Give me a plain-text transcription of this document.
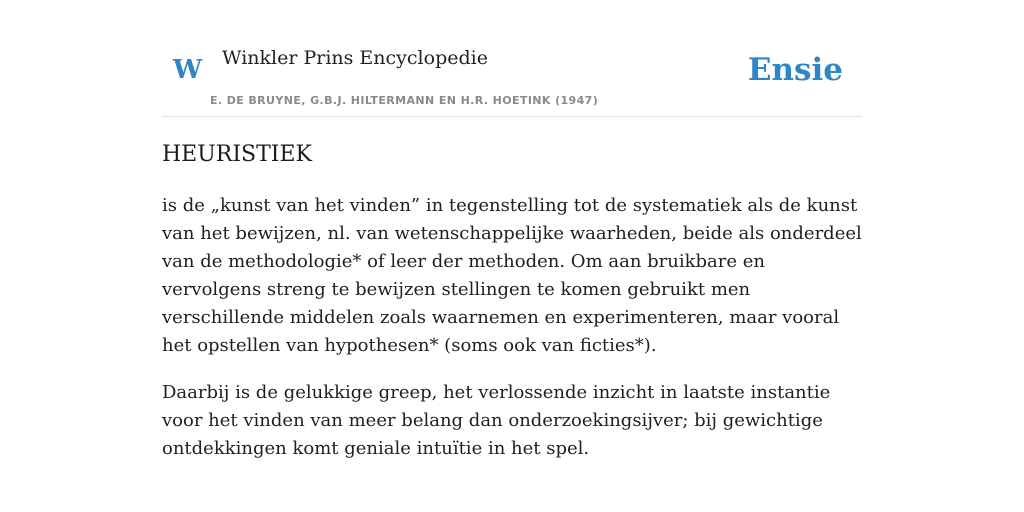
W Winkler Prins Encyclopedie
E. DE BRUYNE, G.B.J. HILTERMANN EN H.R. HOETINK (1947)
Ensie
HEURISTIEK

is de „kunst van het vinden” in tegenstelling tot de systematiek als de kunst van het bewijzen, nl. van wetenschappelijke waarheden, beide als onderdeel van de methodologie* of leer der methoden. Om aan bruikbare en vervolgens streng te bewijzen stellingen te komen gebruikt men verschillende middelen zoals waarnemen en experimenteren, maar vooral het opstellen van hypothesen* (soms ook van ficties*).

Daarbij is de gelukkige greep, het verlossende inzicht in laatste instantie voor het vinden van meer belang dan onderzoekingsijver; bij gewichtige ontdekkingen komt geniale intuïtie in het spel.
